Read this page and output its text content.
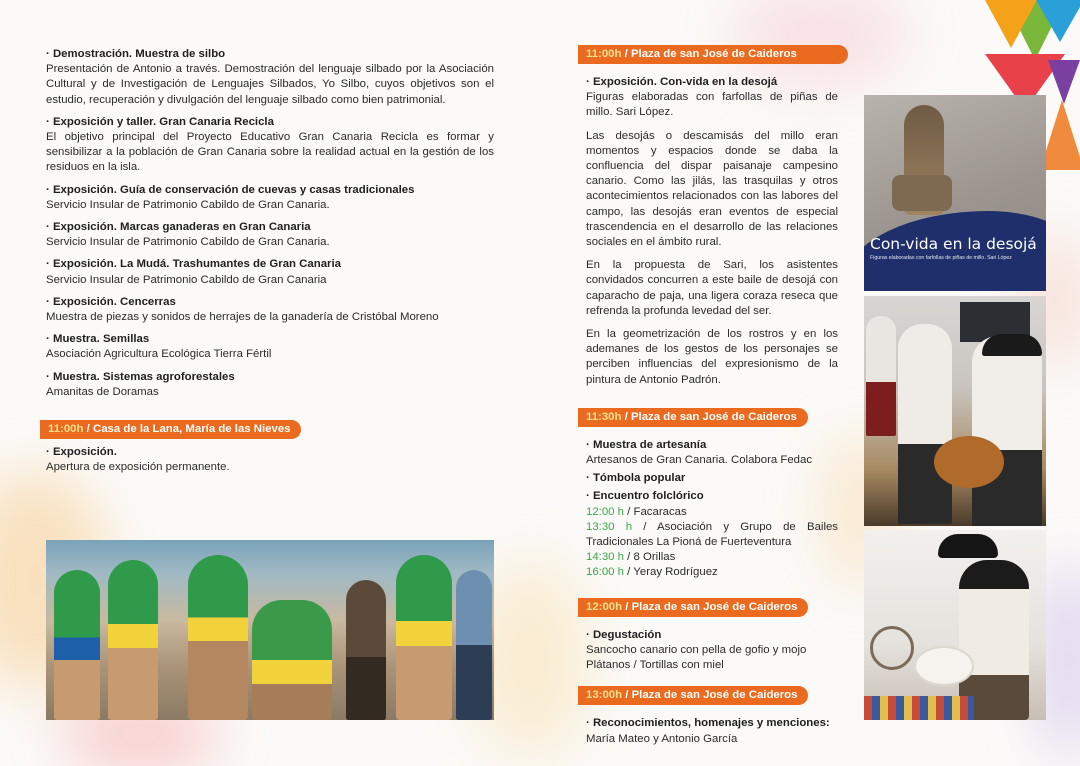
· Demostración. Muestra de silbo

Presentación de Antonio a través. Demostración del lenguaje silbado por la Asociación Cultural y de Investigación de Lenguajes Silbados, Yo Silbo, cuyos objetivos son el estudio, recuperación y divulgación del lenguaje silbado como bien patrimonial.

· Exposición y taller. Gran Canaria Recicla

El objetivo principal del Proyecto Educativo Gran Canaria Recicla es formar y sensibilizar a la población de Gran Canaria sobre la realidad actual en la gestión de los residuos en la isla.

· Exposición. Guía de conservación de cuevas y casas tradicionales

Servicio Insular de Patrimonio Cabildo de Gran Canaria.

· Exposición. Marcas ganaderas en Gran Canaria

Servicio Insular de Patrimonio Cabildo de Gran Canaria.

· Exposición. La Mudá. Trashumantes de Gran Canaria

Servicio Insular de Patrimonio Cabildo de Gran Canaria

· Exposición. Cencerras

Muestra de piezas y sonidos de herrajes de la ganadería de Cristóbal Moreno

· Muestra. Semillas

Asociación Agricultura Ecológica Tierra Fértil

· Muestra. Sistemas agroforestales

Amanitas de Doramas

11:00h / Casa de la Lana, María de las Nieves
· Exposición.

Apertura de exposición permanente.

11:00h / Plaza de san José de Caideros
· Exposición. Con-vida en la desojá

Figuras elaboradas con farfollas de piñas de millo. Sari López.

Las desojás o descamisás del millo eran momentos y espacios donde se daba la confluencia del dispar paisanaje campesino canario. Como las jilás, las trasquilas y otros acontecimientos relacionados con las labores del campo, las desojás eran eventos de especial trascendencia en el desarrollo de las relaciones sociales en el ámbito rural.

En la propuesta de Sari, los asistentes convidados concurren a este baile de desojá con caparacho de paja, una ligera coraza reseca que refrenda la profunda levedad del ser.

En la geometrización de los rostros y en los ademanes de los gestos de los personajes se perciben influencias del expresionismo de la pintura de Antonio Padrón.

11:30h / Plaza de san José de Caideros
· Muestra de artesanía

Artesanos de Gran Canaria. Colabora Fedac

· Tómbola popular
· Encuentro folclórico

12:00 h / Facaracas

13:30 h / Asociación y Grupo de Bailes Tradicionales La Pioná de Fuerteventura

14:30 h / 8 Orillas

16:00 h / Yeray Rodríguez

12:00h / Plaza de san José de Caideros
· Degustación

Sancocho canario con pella de gofio y mojo

Plátanos / Tortillas con miel

13:00h / Plaza de san José de Caideros
· Reconocimientos, homenajes y menciones:

María Mateo y Antonio García

Con-vida en la desojá
Figuras elaboradas con farfollas de piñas de millo. Sari López
